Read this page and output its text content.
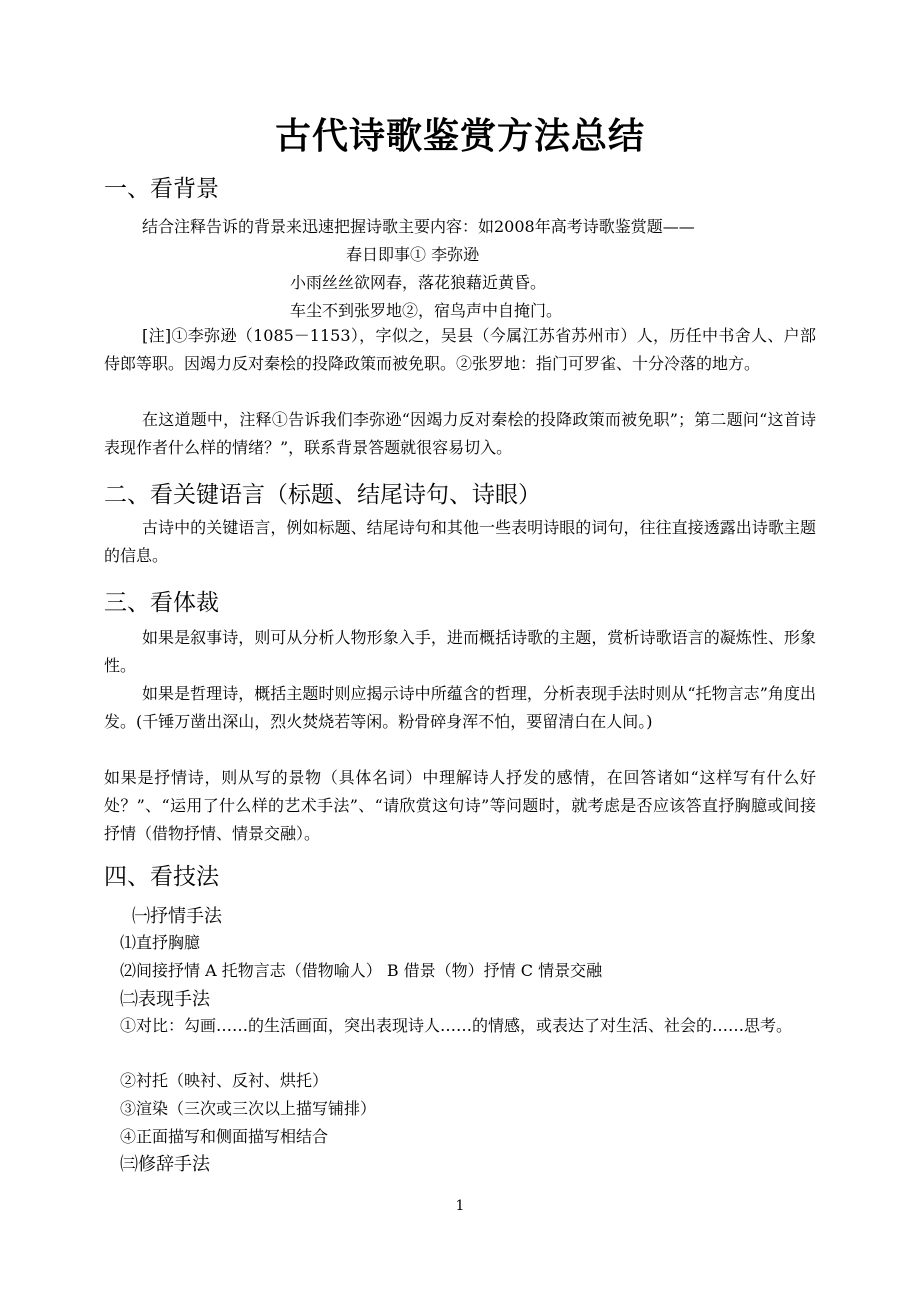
古代诗歌鉴赏方法总结
一、看背景
结合注释告诉的背景来迅速把握诗歌主要内容：如2008年高考诗歌鉴赏题——
春日即事① 李弥逊
小雨丝丝欲网春，落花狼藉近黄昏。
车尘不到张罗地②，宿鸟声中自掩门。
[注]①李弥逊（1085－1153），字似之，吴县（今属江苏省苏州市）人，历任中书舍人、户部侍郎等职。因竭力反对秦桧的投降政策而被免职。②张罗地：指门可罗雀、十分冷落的地方。
在这道题中，注释①告诉我们李弥逊“因竭力反对秦桧的投降政策而被免职”；第二题问“这首诗表现作者什么样的情绪？”，联系背景答题就很容易切入。
二、看关键语言（标题、结尾诗句、诗眼）
古诗中的关键语言，例如标题、结尾诗句和其他一些表明诗眼的词句，往往直接透露出诗歌主题的信息。
三、看体裁
如果是叙事诗，则可从分析人物形象入手，进而概括诗歌的主题，赏析诗歌语言的凝炼性、形象性。
如果是哲理诗，概括主题时则应揭示诗中所蕴含的哲理，分析表现手法时则从“托物言志”角度出发。(千锤万凿出深山，烈火焚烧若等闲。粉骨碎身浑不怕，要留清白在人间。)
如果是抒情诗，则从写的景物（具体名词）中理解诗人抒发的感情，在回答诸如“这样写有什么好处？”、“运用了什么样的艺术手法”、“请欣赏这句诗”等问题时，就考虑是否应该答直抒胸臆或间接抒情（借物抒情、情景交融）。
四、看技法
㈠抒情手法
⑴直抒胸臆
⑵间接抒情 A 托物言志（借物喻人） B 借景（物）抒情 C 情景交融
㈡表现手法
①对比：勾画……的生活画面，突出表现诗人……的情感，或表达了对生活、社会的……思考。
②衬托（映衬、反衬、烘托）
③渲染（三次或三次以上描写铺排）
④正面描写和侧面描写相结合
㈢修辞手法
1
